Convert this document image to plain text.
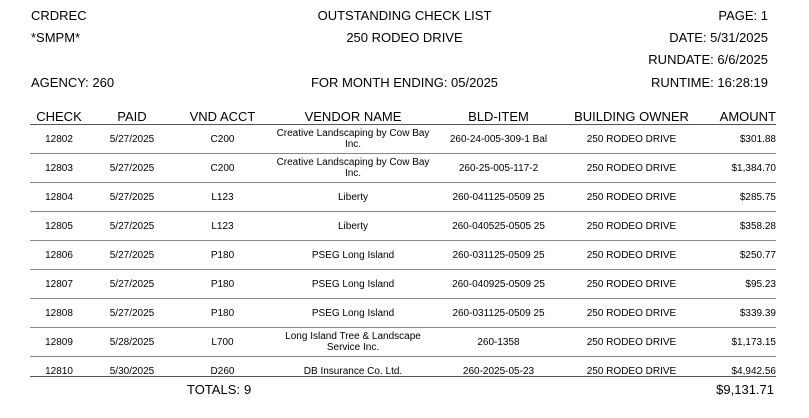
CRDREC	OUTSTANDING CHECK LIST	PAGE: 1
*SMPM*	250 RODEO DRIVE	DATE: 5/31/2025
RUNDATE: 6/6/2025
AGENCY: 260	FOR MONTH ENDING: 05/2025	RUNTIME: 16:28:19
CHECK	PAID	VND ACCT	VENDOR NAME	BLD-ITEM	BUILDING OWNER	AMOUNT
12802	5/27/2025	C200	Creative Landscaping by Cow Bay Inc.	260-24-005-309-1 Bal	250 RODEO DRIVE	$301.88
12803	5/27/2025	C200	Creative Landscaping by Cow Bay Inc.	260-25-005-117-2	250 RODEO DRIVE	$1,384.70
12804	5/27/2025	L123	Liberty	260-041125-0509 25	250 RODEO DRIVE	$285.75
12805	5/27/2025	L123	Liberty	260-040525-0505 25	250 RODEO DRIVE	$358.28
12806	5/27/2025	P180	PSEG Long Island	260-031125-0509 25	250 RODEO DRIVE	$250.77
12807	5/27/2025	P180	PSEG Long Island	260-040925-0509 25	250 RODEO DRIVE	$95.23
12808	5/27/2025	P180	PSEG Long Island	260-031125-0509 25	250 RODEO DRIVE	$339.39
12809	5/28/2025	L700	Long Island Tree & Landscape Service Inc.	260-1358	250 RODEO DRIVE	$1,173.15
12810	5/30/2025	D260	DB Insurance Co. Ltd.	260-2025-05-23	250 RODEO DRIVE	$4,942.56
TOTALS: 9	$9,131.71
